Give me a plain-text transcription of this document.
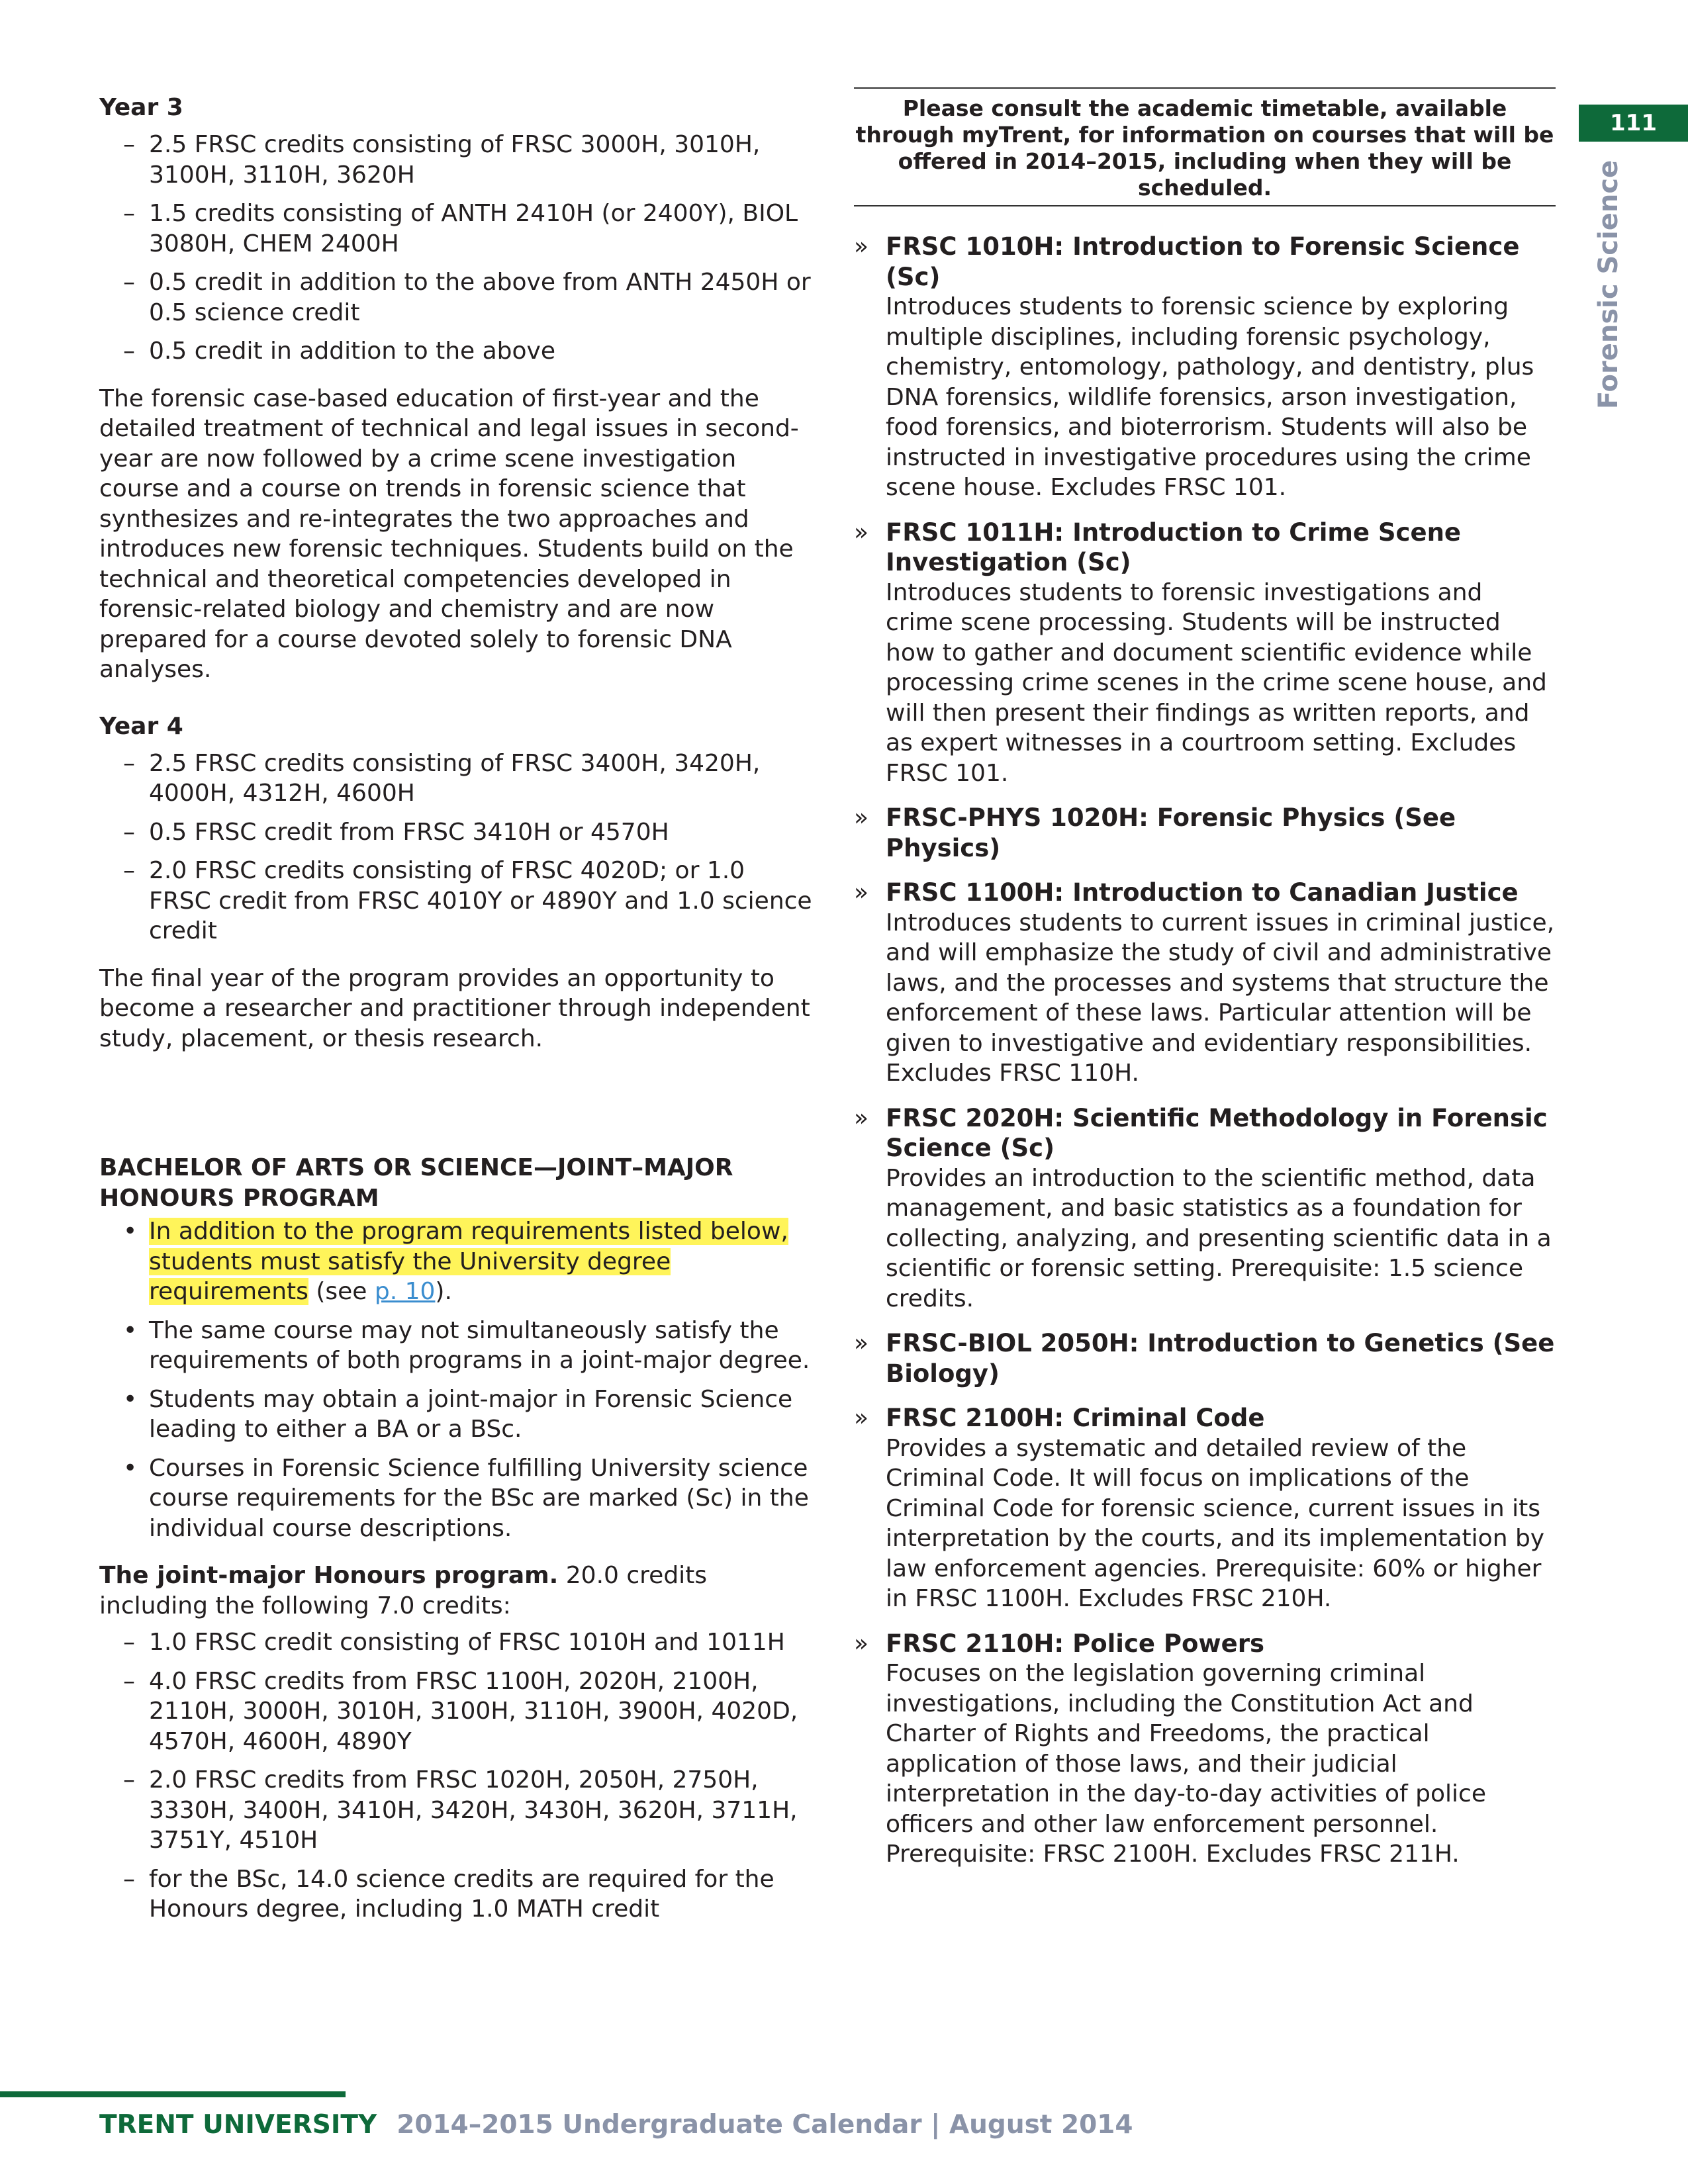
Year 3
– 2.5 FRSC credits consisting of FRSC 3000H, 3010H, 3100H, 3110H, 3620H
– 1.5 credits consisting of ANTH 2410H (or 2400Y), BIOL 3080H, CHEM 2400H
– 0.5 credit in addition to the above from ANTH 2450H or 0.5 science credit
– 0.5 credit in addition to the above

The forensic case-based education of first-year and the detailed treatment of technical and legal issues in second-year are now followed by a crime scene investigation course and a course on trends in forensic science that synthesizes and re-integrates the two approaches and introduces new forensic techniques. Students build on the technical and theoretical competencies developed in forensic-related biology and chemistry and are now prepared for a course devoted solely to forensic DNA analyses.

Year 4
– 2.5 FRSC credits consisting of FRSC 3400H, 3420H, 4000H, 4312H, 4600H
– 0.5 FRSC credit from FRSC 3410H or 4570H
– 2.0 FRSC credits consisting of FRSC 4020D; or 1.0 FRSC credit from FRSC 4010Y or 4890Y and 1.0 science credit

The final year of the program provides an opportunity to become a researcher and practitioner through independent study, placement, or thesis research.

BACHELOR OF ARTS OR SCIENCE—JOINT–MAJOR
HONOURS PROGRAM
• In addition to the program requirements listed below, students must satisfy the University degree requirements (see p. 10).
• The same course may not simultaneously satisfy the requirements of both programs in a joint-major degree.
• Students may obtain a joint-major in Forensic Science leading to either a BA or a BSc.
• Courses in Forensic Science fulfilling University science course requirements for the BSc are marked (Sc) in the individual course descriptions.

The joint-major Honours program. 20.0 credits including the following 7.0 credits:

– 1.0 FRSC credit consisting of FRSC 1010H and 1011H
– 4.0 FRSC credits from FRSC 1100H, 2020H, 2100H, 2110H, 3000H, 3010H, 3100H, 3110H, 3900H, 4020D, 4570H, 4600H, 4890Y
– 2.0 FRSC credits from FRSC 1020H, 2050H, 2750H, 3330H, 3400H, 3410H, 3420H, 3430H, 3620H, 3711H, 3751Y, 4510H
– for the BSc, 14.0 science credits are required for the Honours degree, including 1.0 MATH credit
Please consult the academic timetable, available through myTrent, for information on courses that will be offered in 2014–2015, including when they will be scheduled.
» FRSC 1010H: Introduction to Forensic Science (Sc)

Introduces students to forensic science by exploring multiple disciplines, including forensic psychology, chemistry, entomology, pathology, and dentistry, plus DNA forensics, wildlife forensics, arson investigation, food forensics, and bioterrorism. Students will also be instructed in investigative procedures using the crime scene house. Excludes FRSC 101.

» FRSC 1011H: Introduction to Crime Scene Investigation (Sc)

Introduces students to forensic investigations and crime scene processing. Students will be instructed how to gather and document scientific evidence while processing crime scenes in the crime scene house, and will then present their findings as written reports, and as expert witnesses in a courtroom setting. Excludes FRSC 101.

» FRSC-PHYS 1020H: Forensic Physics (See Physics)

» FRSC 1100H: Introduction to Canadian Justice

Introduces students to current issues in criminal justice, and will emphasize the study of civil and administrative laws, and the processes and systems that structure the enforcement of these laws. Particular attention will be given to investigative and evidentiary responsibilities. Excludes FRSC 110H.

» FRSC 2020H: Scientific Methodology in Forensic Science (Sc)

Provides an introduction to the scientific method, data management, and basic statistics as a foundation for collecting, analyzing, and presenting scientific data in a scientific or forensic setting. Prerequisite: 1.5 science credits.

» FRSC-BIOL 2050H: Introduction to Genetics (See Biology)

» FRSC 2100H: Criminal Code

Provides a systematic and detailed review of the Criminal Code. It will focus on implications of the Criminal Code for forensic science, current issues in its interpretation by the courts, and its implementation by law enforcement agencies. Prerequisite: 60% or higher in FRSC 1100H. Excludes FRSC 210H.

» FRSC 2110H: Police Powers

Focuses on the legislation governing criminal investigations, including the Constitution Act and Charter of Rights and Freedoms, the practical application of those laws, and their judicial interpretation in the day-to-day activities of police officers and other law enforcement personnel. Prerequisite: FRSC 2100H. Excludes FRSC 211H.

111
Forensic Science
TRENT UNIVERSITY 2014–2015 Undergraduate Calendar | August 2014
